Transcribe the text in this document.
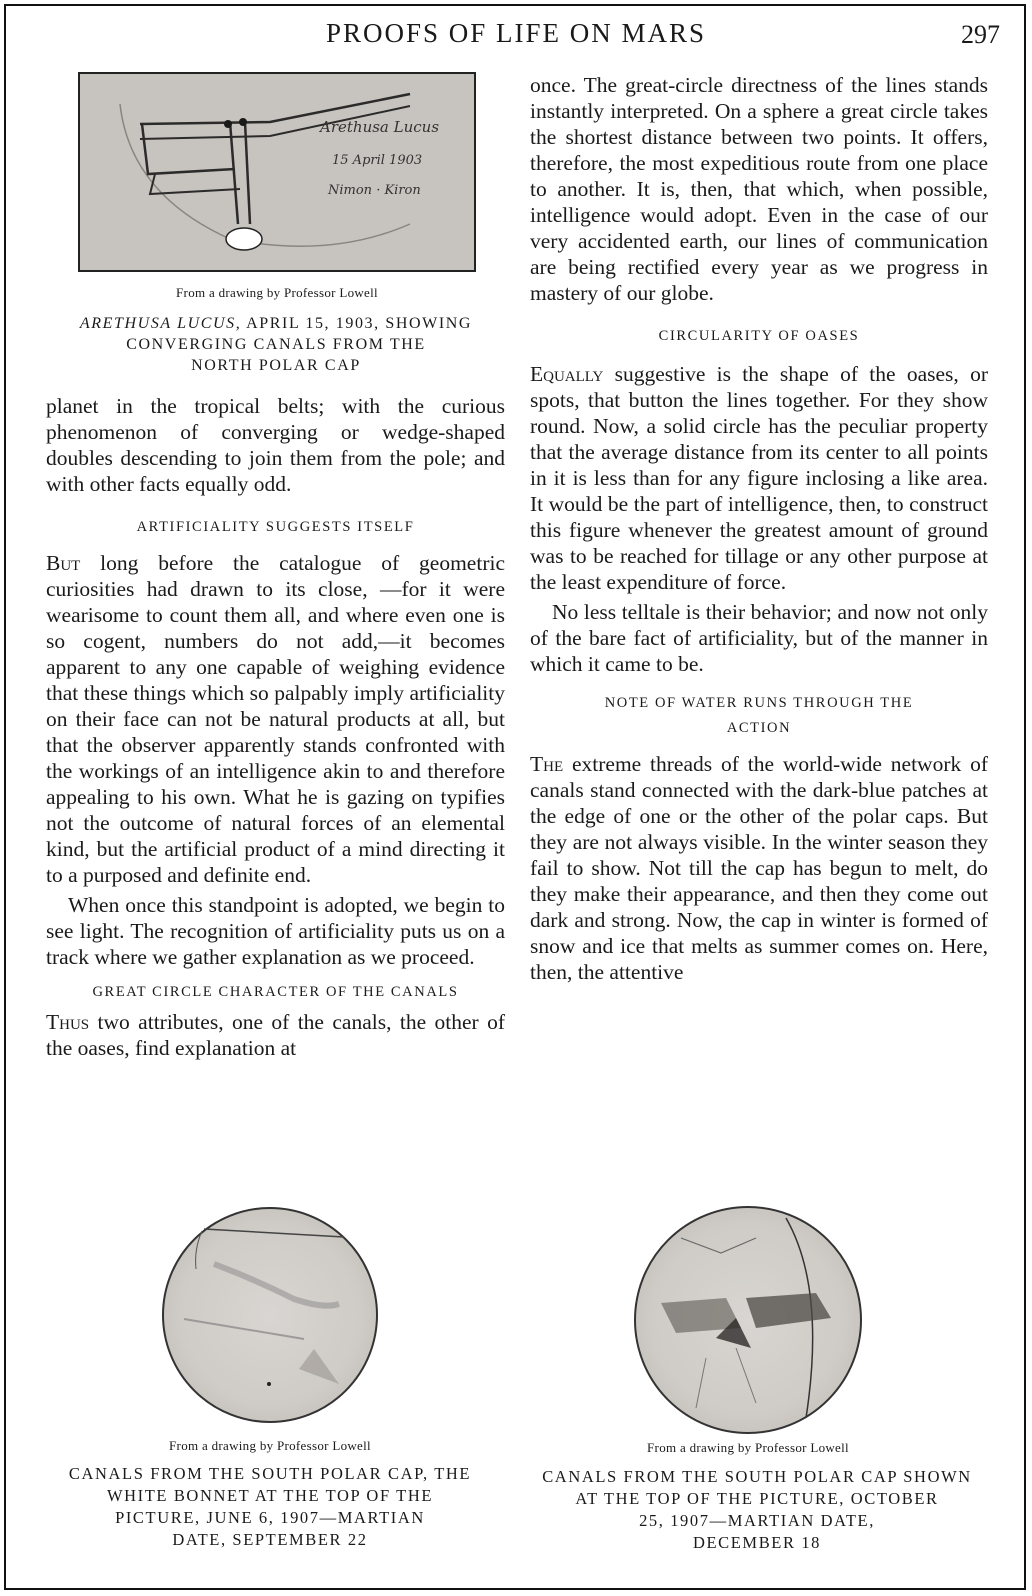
PROOFS OF LIFE ON MARS	297
Arethusa Lucus
15 April 1903
Nimon · Kiron
From a drawing by Professor Lowell
ARETHUSA LUCUS, APRIL 15, 1903, SHOWING
CONVERGING CANALS FROM THE
NORTH POLAR CAP

planet in the tropical belts; with the curious phenomenon of converging or wedge-shaped doubles descending to join them from the pole; and with other facts equally odd.

ARTIFICIALITY SUGGESTS ITSELF

But long before the catalogue of geometric curiosities had drawn to its close, —for it were wearisome to count them all, and where even one is so cogent, numbers do not add,—it becomes apparent to any one capable of weighing evidence that these things which so palpably imply artificiality on their face can not be natural products at all, but that the observer apparently stands confronted with the workings of an intelligence akin to and therefore appealing to his own. What he is gazing on typifies not the outcome of natural forces of an elemental kind, but the artificial product of a mind directing it to a purposed and definite end.

When once this standpoint is adopted, we begin to see light. The recognition of artificiality puts us on a track where we gather explanation as we proceed.

GREAT CIRCLE CHARACTER OF THE CANALS

Thus two attributes, one of the canals, the other of the oases, find explanation at

once. The great-circle directness of the lines stands instantly interpreted. On a sphere a great circle takes the shortest distance between two points. It offers, therefore, the most expeditious route from one place to another. It is, then, that which, when possible, intelligence would adopt. Even in the case of our very accidented earth, our lines of communication are being rectified every year as we progress in mastery of our globe.

CIRCULARITY OF OASES

Equally suggestive is the shape of the oases, or spots, that button the lines together. For they show round. Now, a solid circle has the peculiar property that the average distance from its center to all points in it is less than for any figure inclosing a like area. It would be the part of intelligence, then, to construct this figure whenever the greatest amount of ground was to be reached for tillage or any other purpose at the least expenditure of force.

No less telltale is their behavior; and now not only of the bare fact of artificiality, but of the manner in which it came to be.

NOTE OF WATER RUNS THROUGH THE
ACTION

The extreme threads of the world-wide network of canals stand connected with the dark-blue patches at the edge of one or the other of the polar caps. But they are not always visible. In the winter season they fail to show. Not till the cap has begun to melt, do they make their appearance, and then they come out dark and strong. Now, the cap in winter is formed of snow and ice that melts as summer comes on. Here, then, the attentive

From a drawing by Professor Lowell
CANALS FROM THE SOUTH POLAR CAP, THE
WHITE BONNET AT THE TOP OF THE
PICTURE, JUNE 6, 1907—MARTIAN
DATE, SEPTEMBER 22
From a drawing by Professor Lowell
CANALS FROM THE SOUTH POLAR CAP SHOWN
AT THE TOP OF THE PICTURE, OCTOBER
25, 1907—MARTIAN DATE,
DECEMBER 18
